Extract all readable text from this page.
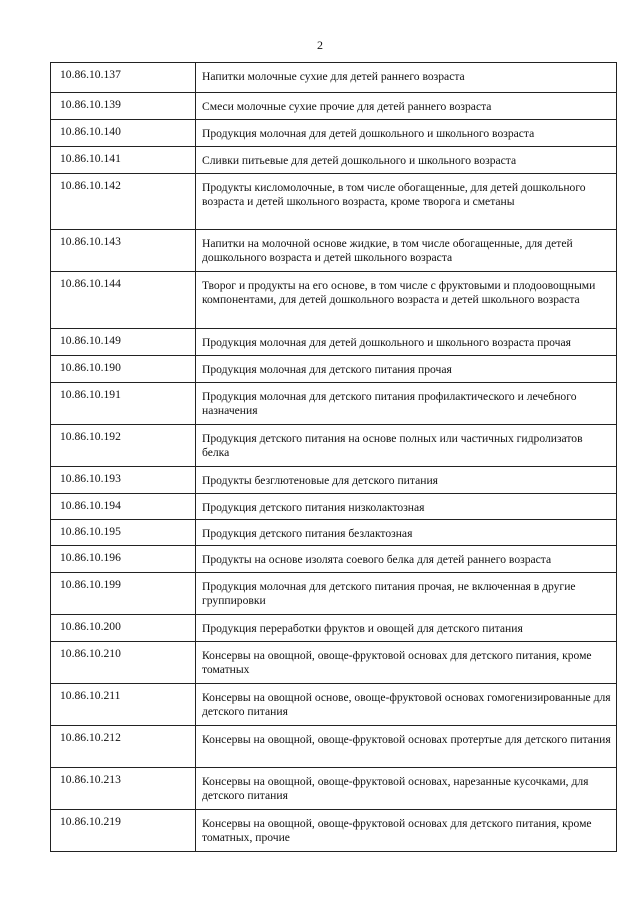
2
10.86.10.137	Напитки молочные сухие для детей раннего возраста
10.86.10.139	Смеси молочные сухие прочие для детей раннего возраста
10.86.10.140	Продукция молочная для детей дошкольного и школьного возраста
10.86.10.141	Сливки питьевые для детей дошкольного и школьного возраста
10.86.10.142	Продукты кисломолочные, в том числе обогащенные, для детей дошкольного возраста и детей школьного возраста, кроме творога и сметаны
10.86.10.143	Напитки на молочной основе жидкие, в том числе обогащенные, для детей дошкольного возраста и детей школьного возраста
10.86.10.144	Творог и продукты на его основе, в том числе с фруктовыми и плодоовощными компонентами, для детей дошкольного возраста и детей школьного возраста
10.86.10.149	Продукция молочная для детей дошкольного и школьного возраста прочая
10.86.10.190	Продукция молочная для детского питания прочая
10.86.10.191	Продукция молочная для детского питания профилактического и лечебного назначения
10.86.10.192	Продукция детского питания на основе полных или частичных гидролизатов белка
10.86.10.193	Продукты безглютеновые для детского питания
10.86.10.194	Продукция детского питания низколактозная
10.86.10.195	Продукция детского питания безлактозная
10.86.10.196	Продукты на основе изолята соевого белка для детей раннего возраста
10.86.10.199	Продукция молочная для детского питания прочая, не включенная в другие группировки
10.86.10.200	Продукция переработки фруктов и овощей для детского питания
10.86.10.210	Консервы на овощной, овоще-фруктовой основах для детского питания, кроме томатных
10.86.10.211	Консервы на овощной основе, овоще-фруктовой основах гомогенизированные для детского питания
10.86.10.212	Консервы на овощной, овоще-фруктовой основах протертые для детского питания
10.86.10.213	Консервы на овощной, овоще-фруктовой основах, нарезанные кусочками, для детского питания
10.86.10.219	Консервы на овощной, овоще-фруктовой основах для детского питания, кроме томатных, прочие
